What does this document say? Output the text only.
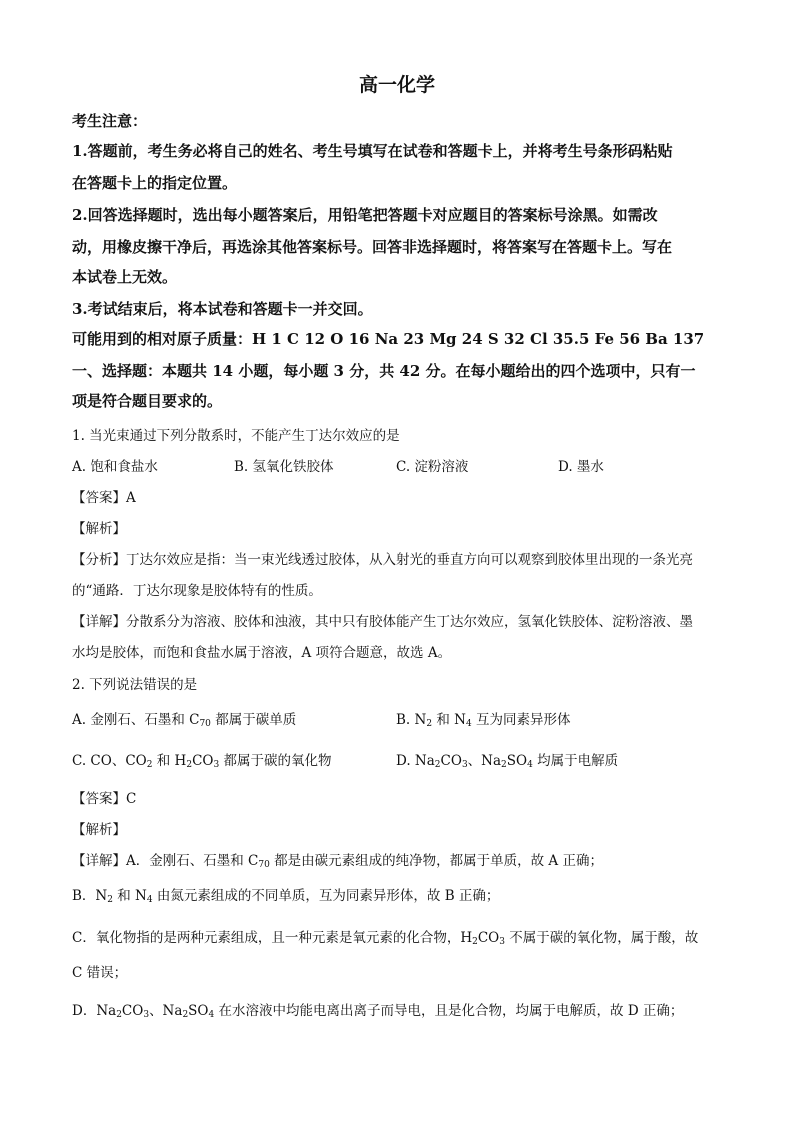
高一化学
考生注意：
1.答题前，考生务必将自己的姓名、考生号填写在试卷和答题卡上，并将考生号条形码粘贴
在答题卡上的指定位置。
2.回答选择题时，选出每小题答案后，用铅笔把答题卡对应题目的答案标号涂黑。如需改
动，用橡皮擦干净后，再选涂其他答案标号。回答非选择题时，将答案写在答题卡上。写在
本试卷上无效。
3.考试结束后，将本试卷和答题卡一并交回。
可能用到的相对原子质量：H 1 C 12 O 16 Na 23 Mg 24 S 32 Cl 35.5 Fe 56 Ba 137
一、选择题：本题共 14 小题，每小题 3 分，共 42 分。在每小题给出的四个选项中，只有一
项是符合题目要求的。
1. 当光束通过下列分散系时，不能产生丁达尔效应的是
A. 饱和食盐水	B. 氢氧化铁胶体	C. 淀粉溶液	D. 墨水
【答案】A
【解析】
【分析】丁达尔效应是指：当一束光线透过胶体，从入射光的垂直方向可以观察到胶体里出现的一条光亮
的“通路．丁达尔现象是胶体特有的性质。
【详解】分散系分为溶液、胶体和浊液，其中只有胶体能产生丁达尔效应，氢氧化铁胶体、淀粉溶液、墨
水均是胶体，而饱和食盐水属于溶液，A 项符合题意，故选 A。
2. 下列说法错误的是
A. 金刚石、石墨和 $C_{70}$ 都属于碳单质	B. $N_2$ 和 $N_4$ 互为同素异形体
C. CO、$CO_2$ 和 $H_2CO_3$ 都属于碳的氧化物	D. $Na_2CO_3$、$Na_2SO_4$ 均属于电解质
【答案】C
【解析】
【详解】A．金刚石、石墨和 $C_{70}$ 都是由碳元素组成的纯净物，都属于单质，故 A 正确；
B．$N_2$ 和 $N_4$ 由氮元素组成的不同单质，互为同素异形体，故 B 正确；
C．氧化物指的是两种元素组成，且一种元素是氧元素的化合物，$H_2CO_3$ 不属于碳的氧化物，属于酸，故
C 错误；
D．$Na_2CO_3$、$Na_2SO_4$ 在水溶液中均能电离出离子而导电，且是化合物，均属于电解质，故 D 正确；
